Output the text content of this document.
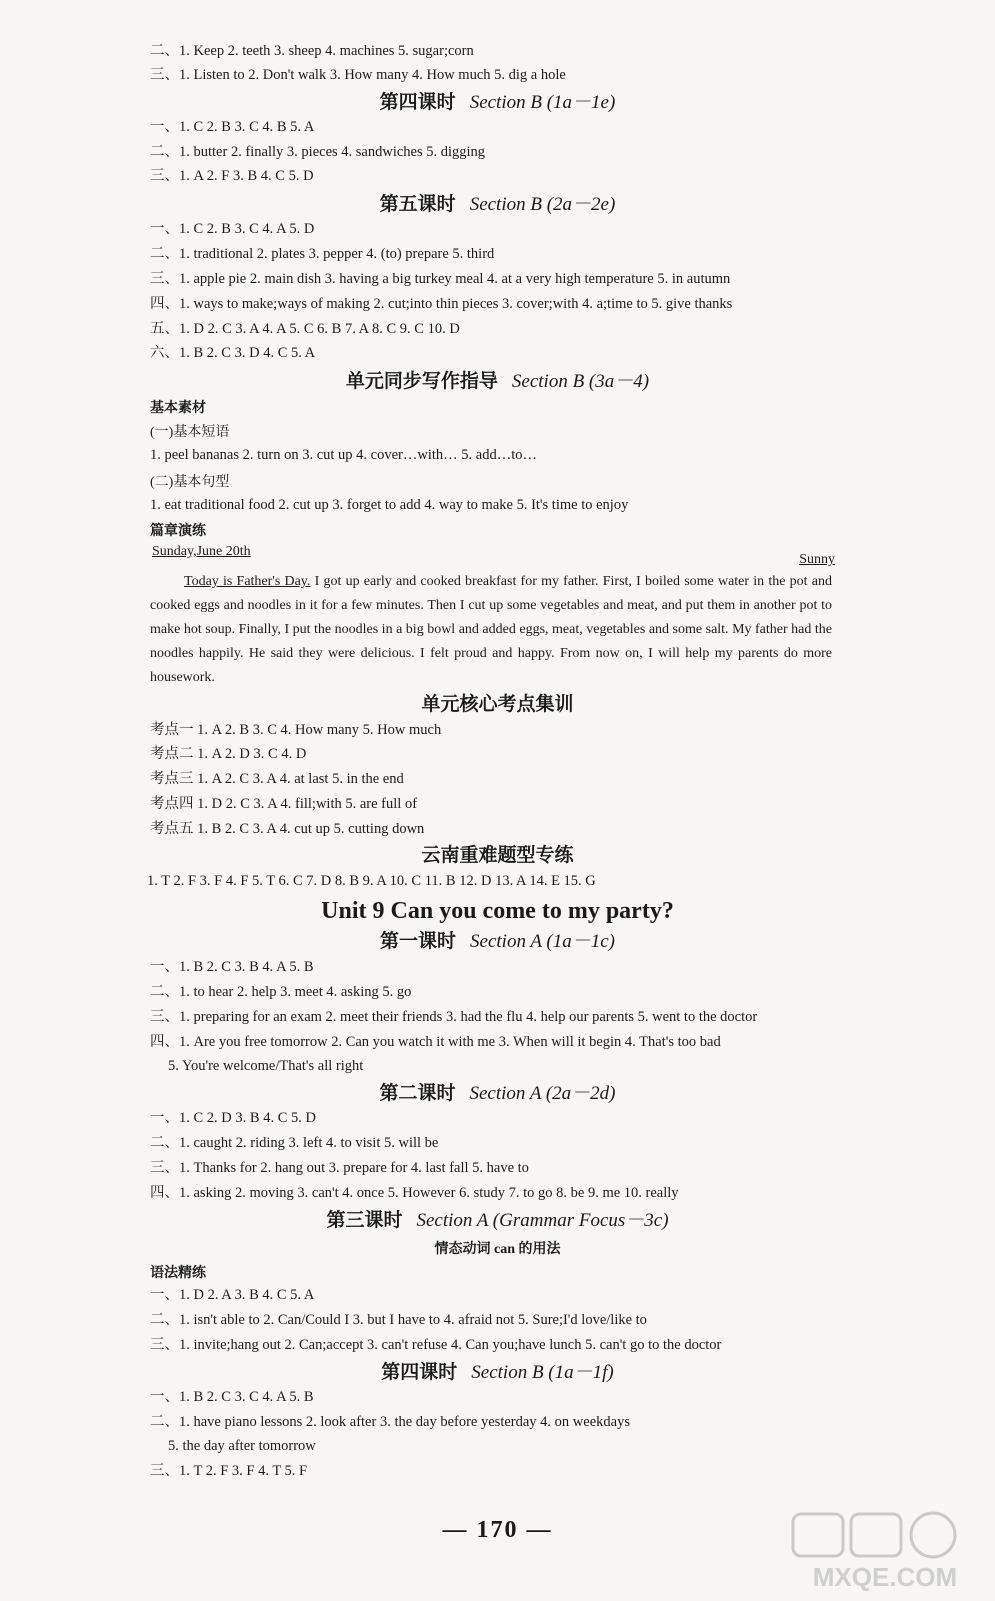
二、1. Keep 2. teeth 3. sheep 4. machines 5. sugar;corn
三、1. Listen to 2. Don't walk 3. How many 4. How much 5. dig a hole
第四课时 Section B (1a－1e)
一、1. C 2. B 3. C 4. B 5. A
二、1. butter 2. finally 3. pieces 4. sandwiches 5. digging
三、1. A 2. F 3. B 4. C 5. D
第五课时 Section B (2a－2e)
一、1. C 2. B 3. C 4. A 5. D
二、1. traditional 2. plates 3. pepper 4. (to) prepare 5. third
三、1. apple pie 2. main dish 3. having a big turkey meal 4. at a very high temperature 5. in autumn
四、1. ways to make;ways of making 2. cut;into thin pieces 3. cover;with 4. a;time to 5. give thanks
五、1. D 2. C 3. A 4. A 5. C 6. B 7. A 8. C 9. C 10. D
六、1. B 2. C 3. D 4. C 5. A
单元同步写作指导 Section B (3a－4)
基本素材
(一)基本短语
1. peel bananas 2. turn on 3. cut up 4. cover…with… 5. add…to…
(二)基本句型
1. eat traditional food 2. cut up 3. forget to add 4. way to make 5. It's time to enjoy
篇章演练
Sunday,June 20th
Sunny
Today is Father's Day. I got up early and cooked breakfast for my father. First, I boiled some water in the pot and cooked eggs and noodles in it for a few minutes. Then I cut up some vegetables and meat, and put them in another pot to make hot soup. Finally, I put the noodles in a big bowl and added eggs, meat, vegetables and some salt. My father had the noodles happily. He said they were delicious. I felt proud and happy. From now on, I will help my parents do more housework.
单元核心考点集训
考点一 1. A 2. B 3. C 4. How many 5. How much
考点二 1. A 2. D 3. C 4. D
考点三 1. A 2. C 3. A 4. at last 5. in the end
考点四 1. D 2. C 3. A 4. fill;with 5. are full of
考点五 1. B 2. C 3. A 4. cut up 5. cutting down
云南重难题型专练
1. T 2. F 3. F 4. F 5. T 6. C 7. D 8. B 9. A 10. C 11. B 12. D 13. A 14. E 15. G
Unit 9 Can you come to my party?
第一课时 Section A (1a－1c)
一、1. B 2. C 3. B 4. A 5. B
二、1. to hear 2. help 3. meet 4. asking 5. go
三、1. preparing for an exam 2. meet their friends 3. had the flu 4. help our parents 5. went to the doctor
四、1. Are you free tomorrow 2. Can you watch it with me 3. When will it begin 4. That's too bad
5. You're welcome/That's all right
第二课时 Section A (2a－2d)
一、1. C 2. D 3. B 4. C 5. D
二、1. caught 2. riding 3. left 4. to visit 5. will be
三、1. Thanks for 2. hang out 3. prepare for 4. last fall 5. have to
四、1. asking 2. moving 3. can't 4. once 5. However 6. study 7. to go 8. be 9. me 10. really
第三课时 Section A (Grammar Focus－3c)
情态动词 can 的用法
语法精练
一、1. D 2. A 3. B 4. C 5. A
二、1. isn't able to 2. Can/Could I 3. but I have to 4. afraid not 5. Sure;I'd love/like to
三、1. invite;hang out 2. Can;accept 3. can't refuse 4. Can you;have lunch 5. can't go to the doctor
第四课时 Section B (1a－1f)
一、1. B 2. C 3. C 4. A 5. B
二、1. have piano lessons 2. look after 3. the day before yesterday 4. on weekdays
5. the day after tomorrow
三、1. T 2. F 3. F 4. T 5. F
— 170 —
MXQE.COM
